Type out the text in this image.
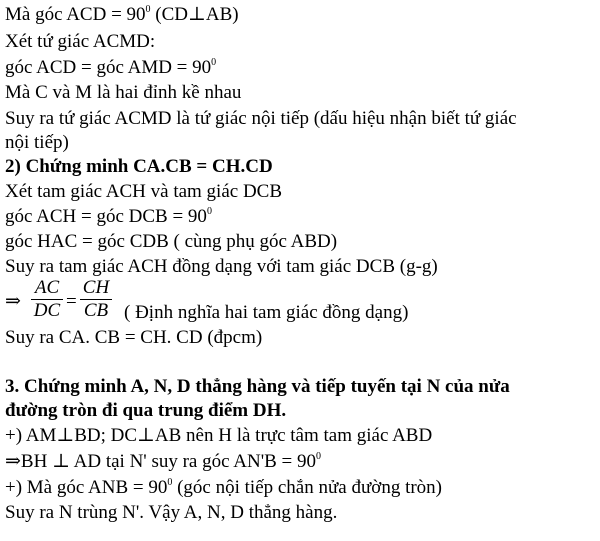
Mà góc ACD = $90^0$ (CD⊥AB)
Xét tứ giác ACMD:
góc ACD = góc AMD = $90^0$
Mà C và M là hai đỉnh kề nhau
Suy ra tứ giác ACMD là tứ giác nội tiếp (dấu hiệu nhận biết tứ giác
nội tiếp)
2) Chứng minh CA.CB = CH.CD
Xét tam giác ACH và tam giác DCB
góc ACH = góc DCB = $90^0$
góc HAC = góc CDB ( cùng phụ góc ABD)
Suy ra tam giác ACH đồng dạng với tam giác DCB (g-g)
⇒
AC
DC =
CH
CB ( Định nghĩa hai tam giác đồng dạng)
Suy ra CA. CB = CH. CD (đpcm)
3. Chứng minh A, N, D thẳng hàng và tiếp tuyến tại N của nửa
đường tròn đi qua trung điểm DH.
+) AM⊥BD; DC⊥AB nên H là trực tâm tam giác ABD
⇒BH ⊥ AD tại N' suy ra góc $AN'B = 90^0$
+) Mà góc ANB = $90^0$ (góc nội tiếp chắn nửa đường tròn)
Suy ra N trùng N'. Vậy A, N, D thẳng hàng.
